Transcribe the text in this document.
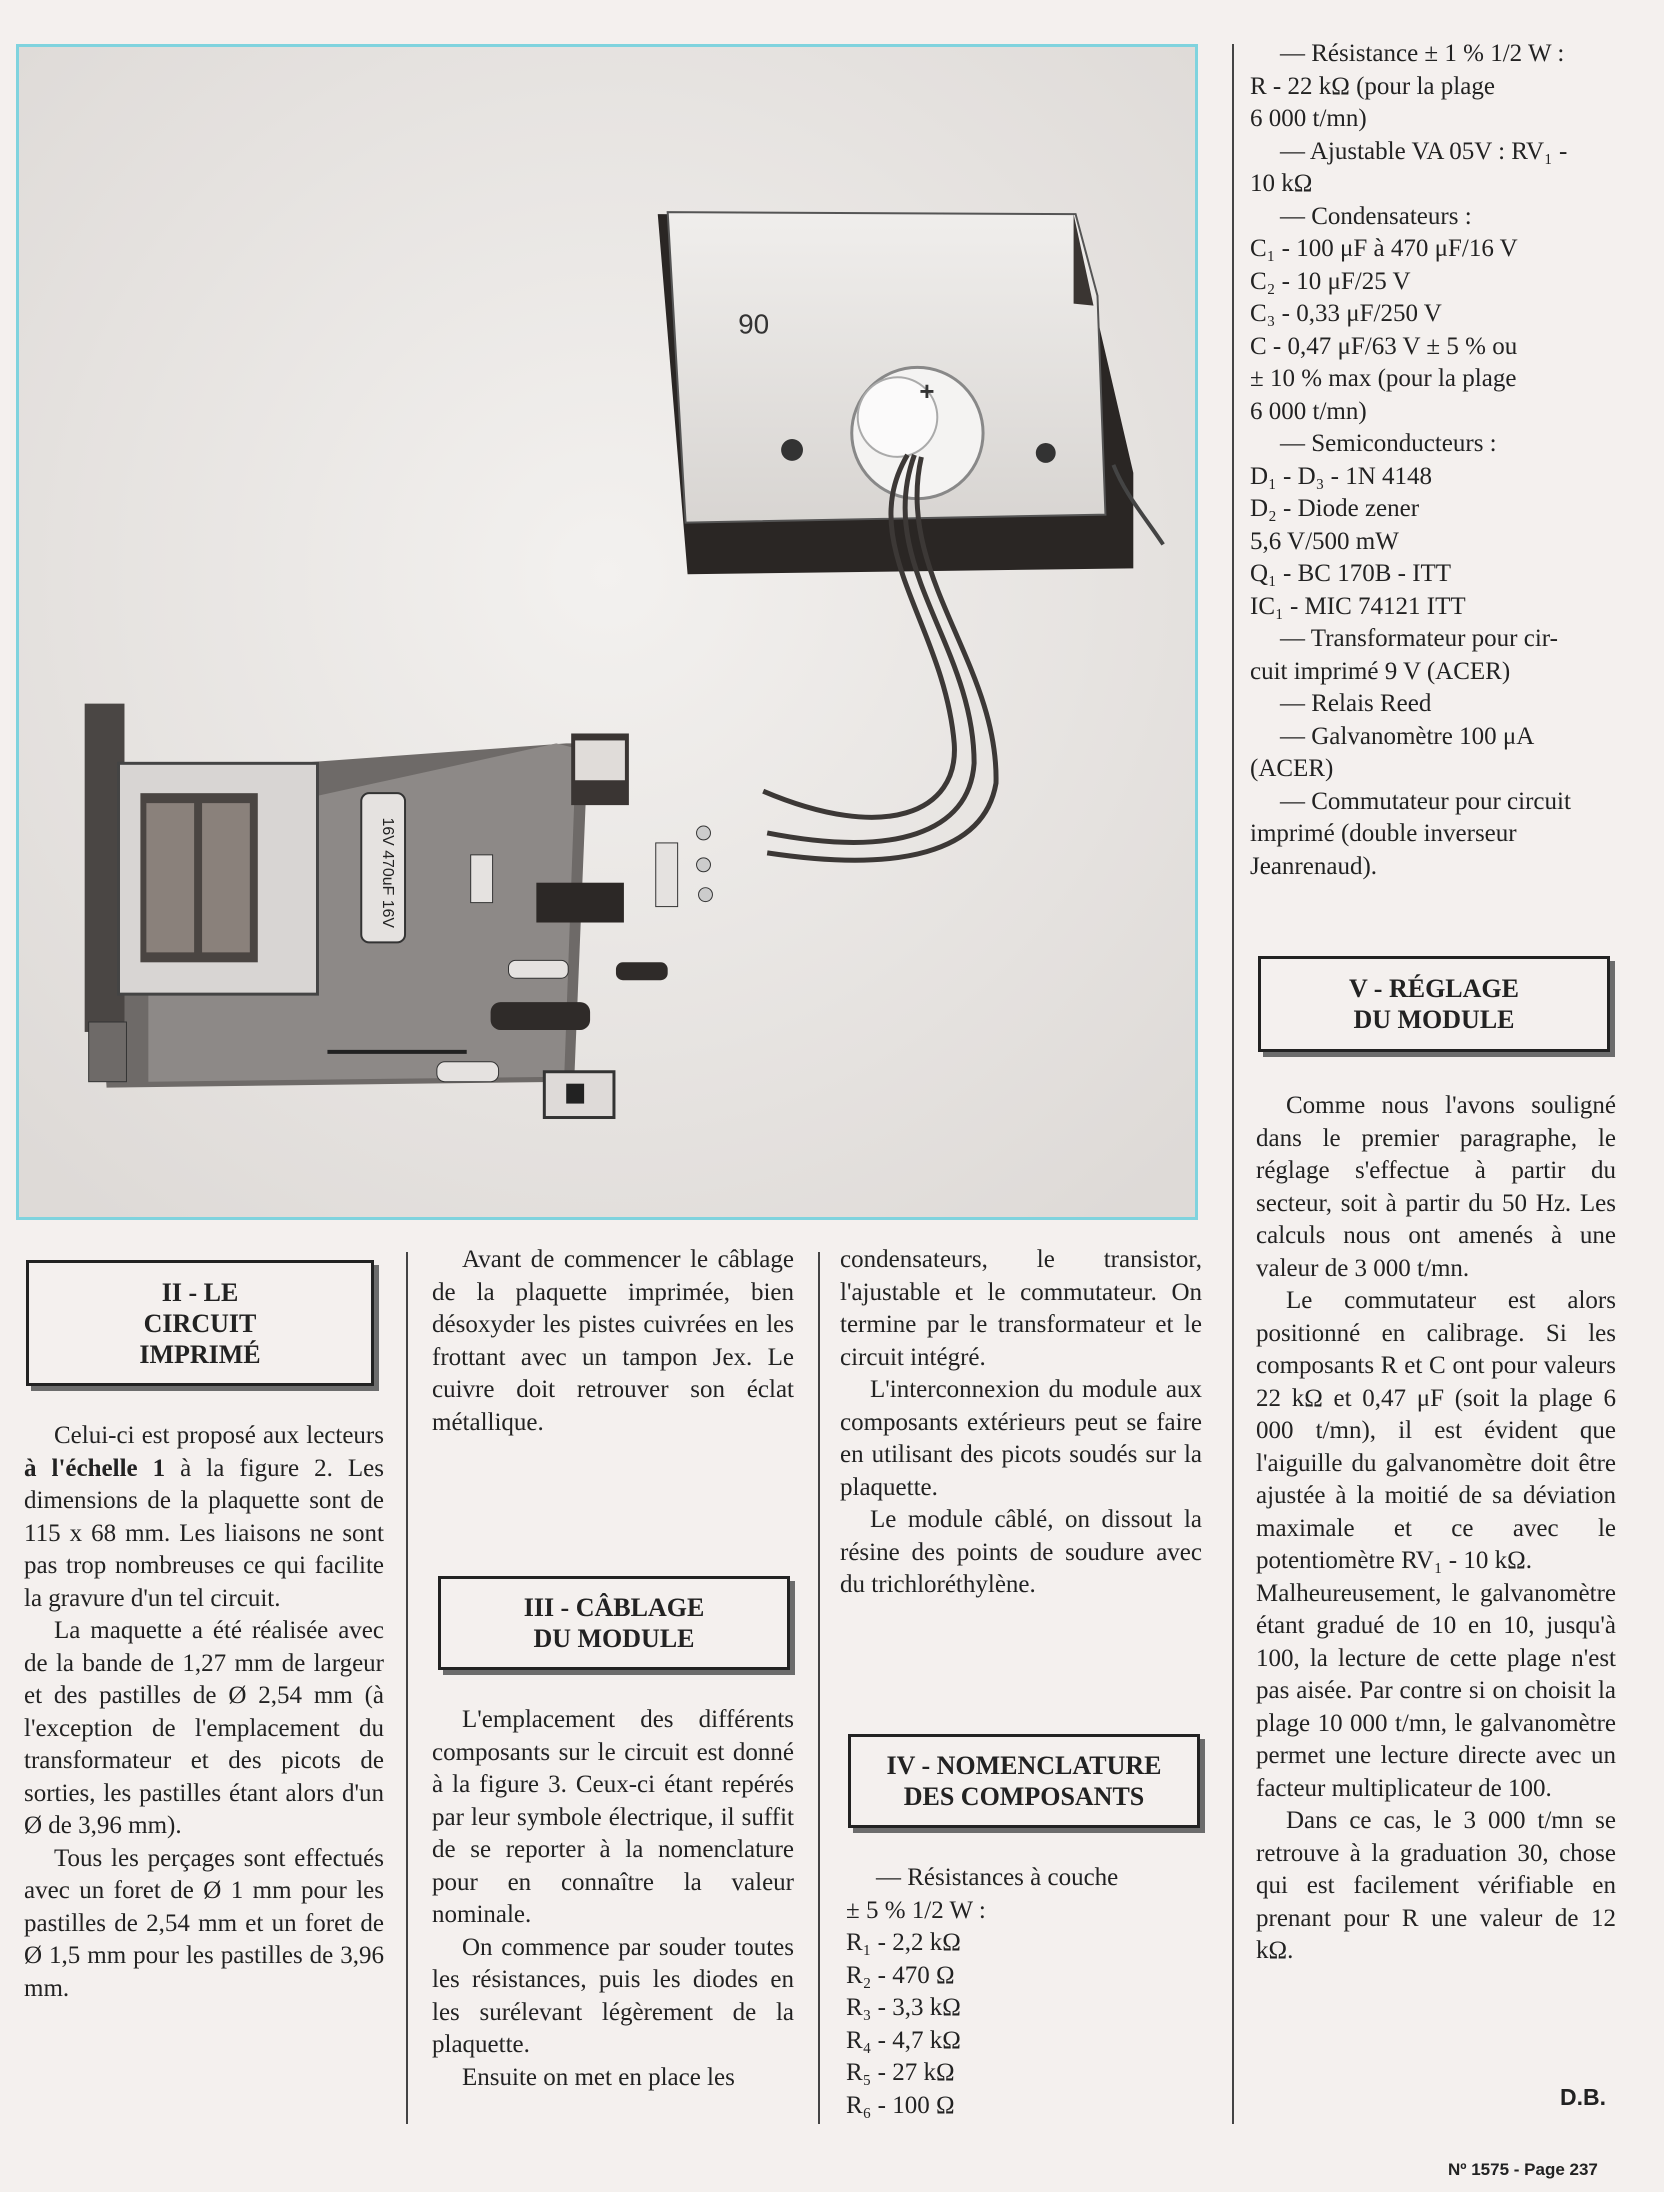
06
+
16V 470uF 16V

— Résistance ± 1 % 1/2 W :

R - 22 kΩ (pour la plage

6 000 t/mn)

— Ajustable VA 05V : RV₁ -

10 kΩ

— Condensateurs :

C₁ - 100 μF à 470 μF/16 V

C₂ - 10 μF/25 V

C₃ - 0,33 μF/250 V

C - 0,47 μF/63 V ± 5 % ou

± 10 % max (pour la plage

6 000 t/mn)

— Semiconducteurs :

D₁ - D₃ - 1N 4148

D₂ - Diode zener

5,6 V/500 mW

Q₁ - BC 170B - ITT

IC₁ - MIC 74121 ITT

— Transformateur pour cir-

cuit imprimé 9 V (ACER)

— Relais Reed

— Galvanomètre 100 μA

(ACER)

— Commutateur pour circuit

imprimé (double inverseur

Jeanrenaud).

V - RÉGLAGE
DU MODULE

Comme nous l'avons souligné dans le premier paragraphe, le réglage s'effectue à partir du secteur, soit à partir du 50 Hz. Les calculs nous ont amenés à une valeur de 3 000 t/mn.

Le commutateur est alors positionné en calibrage. Si les composants R et C ont pour valeurs 22 kΩ et 0,47 μF (soit la plage 6 000 t/mn), il est évident que l'aiguille du galvanomètre doit être ajustée à la moitié de sa déviation maximale et ce avec le potentiomètre RV₁ - 10 kΩ.

Malheureusement, le galvanomètre étant gradué de 10 en 10, jusqu'à 100, la lecture de cette plage n'est pas aisée. Par contre si on choisit la plage 10 000 t/mn, le galvanomètre permet une lecture directe avec un facteur multiplicateur de 100.

Dans ce cas, le 3 000 t/mn se retrouve à la graduation 30, chose qui est facilement vérifiable en prenant pour R une valeur de 12 kΩ.

D.B.
II - LE
CIRCUIT
IMPRIMÉ

Celui-ci est proposé aux lecteurs à l'échelle 1 à la figure 2. Les dimensions de la plaquette sont de 115 x 68 mm. Les liaisons ne sont pas trop nombreuses ce qui facilite la gravure d'un tel circuit.

La maquette a été réalisée avec de la bande de 1,27 mm de largeur et des pastilles de Ø 2,54 mm (à l'exception de l'emplacement du transformateur et des picots de sorties, les pastilles étant alors d'un Ø de 3,96 mm).

Tous les perçages sont effectués avec un foret de Ø 1 mm pour les pastilles de 2,54 mm et un foret de Ø 1,5 mm pour les pastilles de 3,96 mm.

Avant de commencer le câblage de la plaquette imprimée, bien désoxyder les pistes cuivrées en les frottant avec un tampon Jex. Le cuivre doit retrouver son éclat métallique.

III - CÂBLAGE
DU MODULE

L'emplacement des différents composants sur le circuit est donné à la figure 3. Ceux-ci étant repérés par leur symbole électrique, il suffit de se reporter à la nomenclature pour en connaître la valeur nominale.

On commence par souder toutes les résistances, puis les diodes en les surélevant légèrement de la plaquette.

Ensuite on met en place les

condensateurs, le transistor, l'ajustable et le commutateur. On termine par le transformateur et le circuit intégré.

L'interconnexion du module aux composants extérieurs peut se faire en utilisant des picots soudés sur la plaquette.

Le module câblé, on dissout la résine des points de soudure avec du trichloréthylène.

IV - NOMENCLATURE
DES COMPOSANTS

— Résistances à couche

± 5 % 1/2 W :

R₁ - 2,2 kΩ

R₂ - 470 Ω

R₃ - 3,3 kΩ

R₄ - 4,7 kΩ

R₅ - 27 kΩ

R₆ - 100 Ω

Nº 1575 - Page 237
